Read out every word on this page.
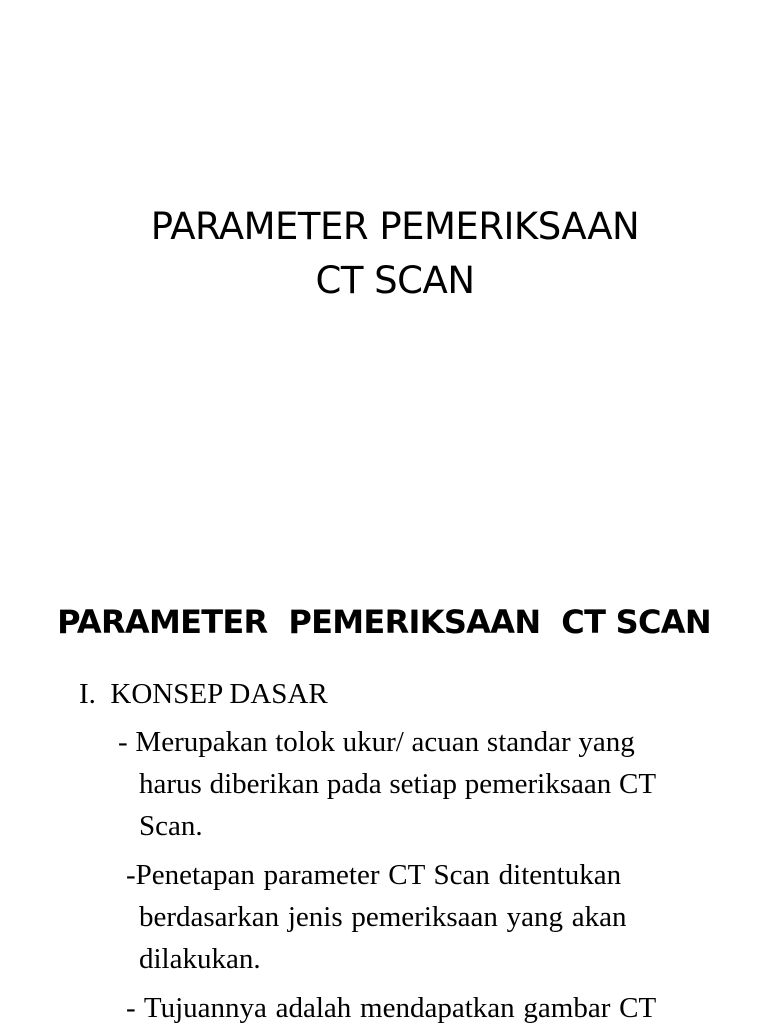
PARAMETER PEMERIKSAAN
CT SCAN
PARAMETER  PEMERIKSAAN  CT SCAN
I. KONSEP DASAR
- Merupakan tolok ukur/ acuan standar yang
harus diberikan pada setiap pemeriksaan CT
Scan.
-Penetapan parameter CT Scan ditentukan
berdasarkan jenis pemeriksaan yang akan
dilakukan.
- Tujuannya adalah mendapatkan gambar CT
